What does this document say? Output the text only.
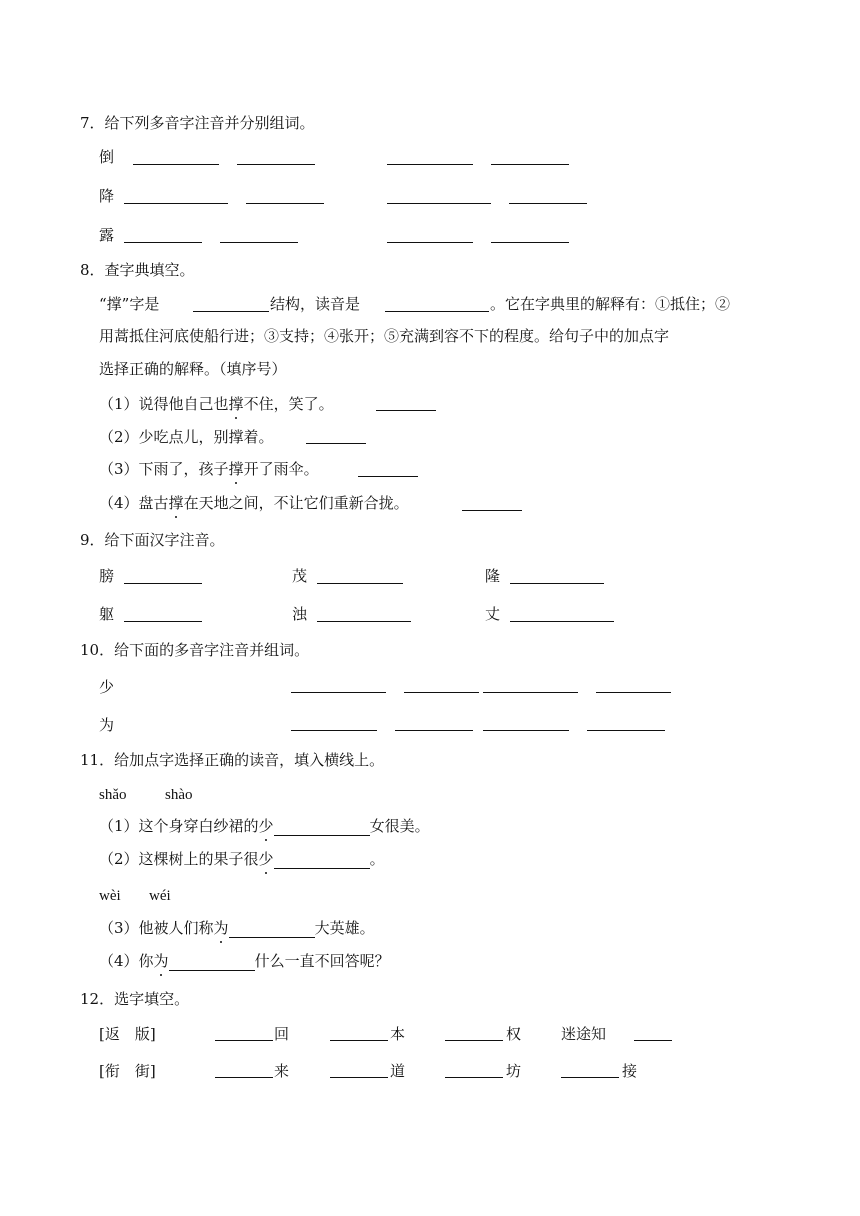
7．给下列多音字注音并分别组词。
倒
降
露
8．查字典填空。
“撑”字是	结构，读音是	。它在字典里的解释有：①抵住；②
用蒿抵住河底使船行进；③支持；④张开；⑤充满到容不下的程度。给句子中的加点字
选择正确的解释。（填序号）
（1）说得他自己也撑不住，笑了。
（2）少吃点儿，别撑着。
（3）下雨了，孩子撑开了雨伞。
（4）盘古撑在天地之间，不让它们重新合拢。
9．给下面汉字注音。
膀	茂	隆
躯	浊	丈
10．给下面的多音字注音并组词。
少
为
11．给加点字选择正确的读音，填入横线上。
shǎo	shào
（1）这个身穿白纱裙的少	女很美。
（2）这棵树上的果子很少	。
wèi wéi
（3）他被人们称为	大英雄。
（4）你为	什么一直不回答呢？
12．选字填空。
[返　版]	回	本	权	迷途知
[衔　街]	来	道	坊	接
